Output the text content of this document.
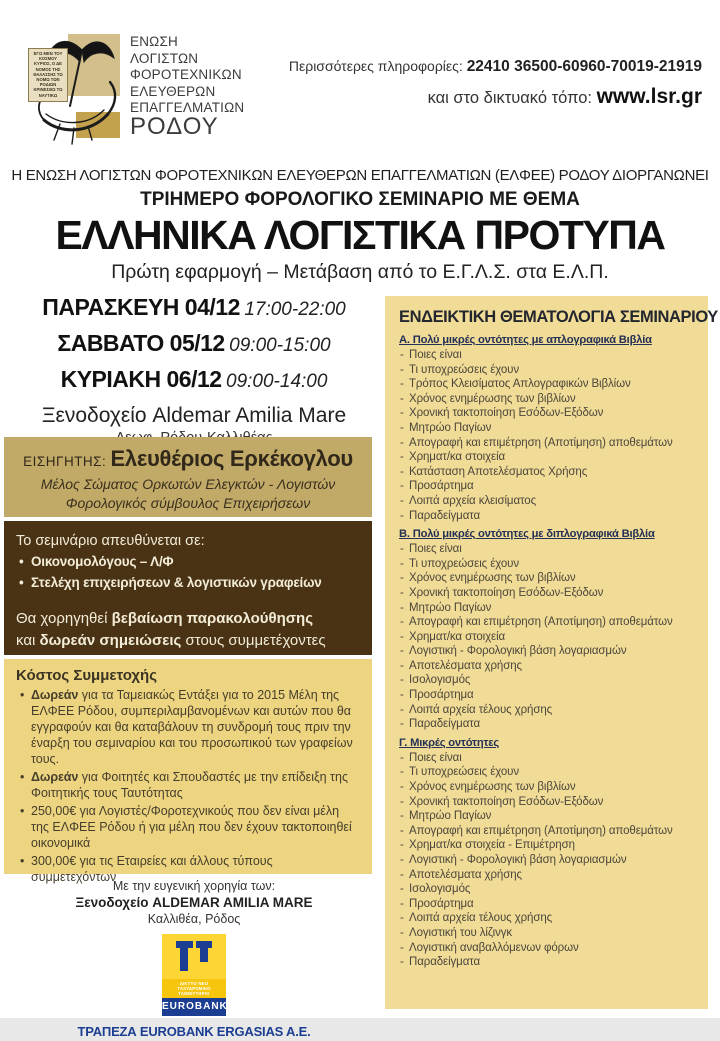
ΕΓΩ ΜΕΝ ΤΟΥ ΚΟΣΜΟΥ ΚΥΡΙΟΣ, Ο ΔΕ ΝΟΜΟΣ ΤΗΣ ΘΑΛΑΣΣΗΣ ΤΩ ΝΟΜΩ ΤΩΝ ΡΟΔΙΩΝ ΚΡΙΝΕΣΘΩ ΤΩ ΝΑΥΤΙΚΩ
ΕΝΩΣΗ
ΛΟΓΙΣΤΩΝ
ΦΟΡΟΤΕΧΝΙΚΩΝ
ΕΛΕΥΘΕΡΩΝ
ΕΠΑΓΓΕΛΜΑΤΙΩΝ
ΡΟΔΟΥ
Περισσότερες πληροφορίες: 22410 36500-60960-70019-21919
και στο δικτυακό τόπο: www.lsr.gr
Η ΕΝΩΣΗ ΛΟΓΙΣΤΩΝ ΦΟΡΟΤΕΧΝΙΚΩΝ ΕΛΕΥΘΕΡΩΝ ΕΠΑΓΓΕΛΜΑΤΙΩΝ (ΕΛΦΕΕ) ΡΟΔΟΥ ΔΙΟΡΓΑΝΩΝΕΙ
ΤΡΙΗΜΕΡΟ ΦΟΡΟΛΟΓΙΚΟ ΣΕΜΙΝΑΡΙΟ ΜΕ ΘΕΜΑ
ΕΛΛΗΝΙΚΑ ΛΟΓΙΣΤΙΚΑ ΠΡΟΤΥΠΑ
Πρώτη εφαρμογή – Μετάβαση από το Ε.Γ.Λ.Σ. στα Ε.Λ.Π.
ΠΑΡΑΣΚΕΥΗ 04/12 17:00-22:00
ΣΑΒΒΑΤΟ 05/12 09:00-15:00
ΚΥΡΙΑΚΗ 06/12 09:00-14:00
Ξενοδοχείο Aldemar Amilia Mare
ΕΙΣΗΓΗΤΗΣ: Ελευθέριος Ερκέκογλου
Μέλος Σώματος Ορκωτών Ελεγκτών - Λογιστών
Φορολογικός σύμβουλος Επιχειρήσεων
Το σεμινάριο απευθύνεται σε:
• Οικονομολόγους – Λ/Φ
• Στελέχη επιχειρήσεων & λογιστικών γραφείων
Θα χορηγηθεί βεβαίωση παρακολούθησης
και δωρεάν σημειώσεις στους συμμετέχοντες
Κόστος Συμμετοχής
• Δωρεάν για τα Ταμειακώς Εντάξει για το 2015 Μέλη της ΕΛΦΕΕ Ρόδου, συμπεριλαμβανομένων και αυτών που θα εγγραφούν και θα καταβάλουν τη συνδρομή τους πριν την έναρξη του σεμιναρίου και του προσωπικού των γραφείων τους.
• Δωρεάν για Φοιτητές και Σπουδαστές με την επίδειξη της Φοιτητικής τους Ταυτότητας
• 250,00€ για Λογιστές/Φοροτεχνικούς που δεν είναι μέλη της ΕΛΦΕΕ Ρόδου ή για μέλη που δεν έχουν τακτοποιηθεί οικονομικά
• 300,00€ για τις Εταιρείες και άλλους τύπους συμμετεχόντων
Με την ευγενική χορηγία των:
Ξενοδοχείο ALDEMAR AMILIA MARE
Καλλιθέα, Ρόδος
ΔΙΚΤΥΟ ΝΕΟ ΤΑΧΥΔΡΟΜΙΚΟ
ΤΑΜΙΕΥΤΗΡΙΟ
EUROBANK
ΤΡΑΠΕΖΑ EUROBANK ERGASIAS A.E.
ΕΝΔΕΙΚΤΙΚΗ ΘΕΜΑΤΟΛΟΓΙΑ ΣΕΜΙΝΑΡΙΟΥ
Α. Πολύ μικρές οντότητες με απλογραφικά Βιβλία
- Ποιες είναι
- Τι υποχρεώσεις έχουν
- Τρόπος Κλεισίματος Απλογραφικών Βιβλίων
- Χρόνος ενημέρωσης των βιβλίων
- Χρονική τακτοποίηση Εσόδων-Εξόδων
- Μητρώο Παγίων
- Απογραφή και επιμέτρηση (Αποτίμηση) αποθεμάτων
- Χρηματ/κα στοιχεία
- Κατάσταση Αποτελέσματος Χρήσης
- Προσάρτημα
- Λοιπά αρχεία κλεισίματος
- Παραδείγματα
Β. Πολύ μικρές οντότητες με διπλογραφικά Βιβλία
- Ποιες είναι
- Τι υποχρεώσεις έχουν
- Χρόνος ενημέρωσης των βιβλίων
- Χρονική τακτοποίηση Εσόδων-Εξόδων
- Μητρώο Παγίων
- Απογραφή και επιμέτρηση (Αποτίμηση) αποθεμάτων
- Χρηματ/κα στοιχεία
- Λογιστική - Φορολογική βάση λογαριασμών
- Αποτελέσματα χρήσης
- Ισολογισμός
- Προσάρτημα
- Λοιπά αρχεία τέλους χρήσης
- Παραδείγματα
Γ. Μικρές οντότητες
- Ποιες είναι
- Τι υποχρεώσεις έχουν
- Χρόνος ενημέρωσης των βιβλίων
- Χρονική τακτοποίηση Εσόδων-Εξόδων
- Μητρώο Παγίων
- Απογραφή και επιμέτρηση (Αποτίμηση) αποθεμάτων
- Χρηματ/κα στοιχεία - Επιμέτρηση
- Λογιστική - Φορολογική βάση λογαριασμών
- Αποτελέσματα χρήσης
- Ισολογισμός
- Προσάρτημα
- Λοιπά αρχεία τέλους χρήσης
- Λογιστική του λίζινγκ
- Λογιστική αναβαλλόμενων φόρων
- Παραδείγματα
